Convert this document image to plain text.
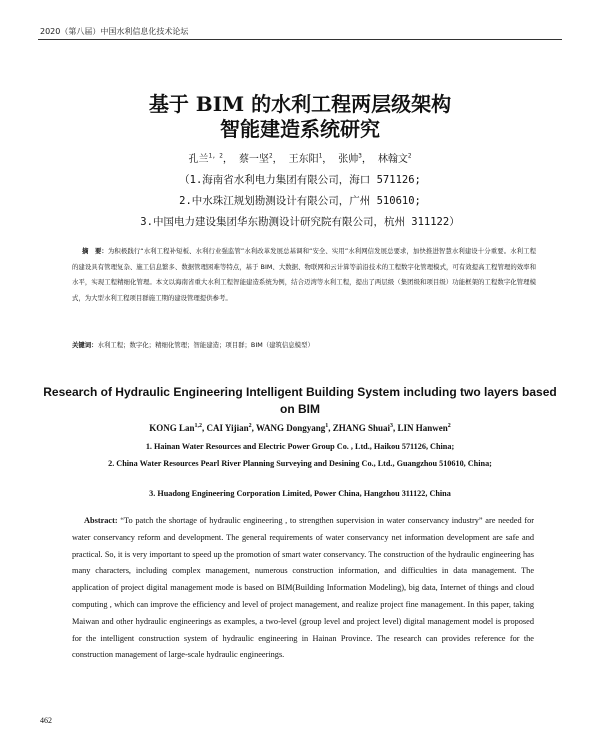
2020（第八届）中国水利信息化技术论坛
基于 BIM 的水利工程两层级架构
智能建造系统研究
孔兰$^{1, 2}$， 蔡一坚$^2$， 王东阳$^1$， 张帅$^3$， 林翰文$^2$
（1.海南省水利电力集团有限公司，海口 571126;
2.中水珠江规划勘测设计有限公司，广州 510610;
3.中国电力建设集团华东勘测设计研究院有限公司，杭州 311122）
摘　要：为积极践行“水利工程补短板、水利行业强监管”水利改革发展总基调和“安全、实用”水利网信发展总要求，加快推进智慧水利建设十分重要。水利工程的建设具有管理复杂、施工信息繁多、数据管理困难等特点，基于 BIM、大数据、物联网和云计算等前沿技术的工程数字化管理模式，可有效提高工程管理的效率和水平，实现工程精细化管理。本文以海南省重大水利工程智能建造系统为例，结合迈湾等水利工程，提出了两层级（集团级和项目级）功能框架的工程数字化管理模式，为大型水利工程项目群施工期的建设管理提供参考。
关键词：水利工程；数字化；精细化管理；智能建造；项目群；BIM（建筑信息模型）
Research of Hydraulic Engineering Intelligent Building System including two layers based on BIM
KONG Lan$^{1,2}$, CAI Yijian$^2$, WANG Dongyang$^1$, ZHANG Shuai$^3$, LIN Hanwen$^2$
1. Hainan Water Resources and Electric Power Group Co. , Ltd., Haikou 571126, China;
2. China Water Resources Pearl River Planning Surveying and Desining Co., Ltd., Guangzhou 510610, China;
3. Huadong Engineering Corporation Limited, Power China, Hangzhou 311122, China
Abstract: “To patch the shortage of hydraulic engineering , to strengthen supervision in water conservancy industry” are needed for water conservancy reform and development. The general requirements of water conservancy net information development are safe and practical. So, it is very important to speed up the promotion of smart water conservancy. The construction of the hydraulic engineering has many characters, including complex management, numerous construction information, and difficulties in data management. The application of project digital management mode is based on BIM(Building Information Modeling), big data, Internet of things and cloud computing , which can improve the efficiency and level of project management, and realize project fine management. In this paper, taking Maiwan and other hydraulic engineerings as examples, a two-level (group level and project level) digital management model is proposed for the intelligent construction system of hydraulic engineering in Hainan Province. The research can provides reference for the construction management of large-scale hydraulic engineerings.
462
